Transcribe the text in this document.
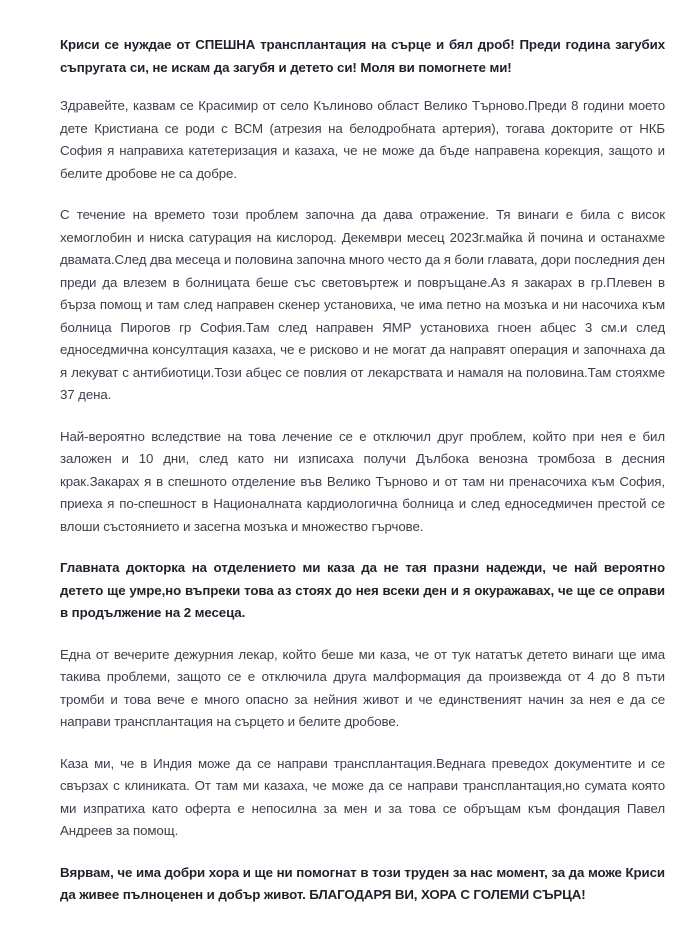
Криси се нуждае от СПЕШНА трансплантация на сърце и бял дроб! Преди година загубих съпругата си, не искам да загубя и детето си! Моля ви помогнете ми!

Здравейте, казвам се Красимир от село Кълиново област Велико Търново.Преди 8 години моето дете Кристиана се роди с ВСМ (атрезия на белодробната артерия), тогава докторите от НКБ София я направиха катетеризация и казаха, че не може да бъде направена корекция, защото и белите дробове не са добре.

С течение на времето този проблем започна да дава отражение. Тя винаги е била с висок хемоглобин и ниска сатурация на кислород. Декември месец 2023г.майка й почина и останахме двамата.След два месеца и половина започна много често да я боли главата, дори последния ден преди да влезем в болницата беше със световъртеж и повръщане.Аз я закарах в гр.Плевен в бърза помощ и там след направен скенер установиха, че има петно на мозъка и ни насочиха към болница Пирогов гр София.Там след направен ЯМР установиха гноен абцес 3 см.и след едноседмична консултация казаха, че е рисково и не могат да направят операция и започнаха да я лекуват с антибиотици.Този абцес се повлия от лекарствата и намаля на половина.Там стояхме 37 дена.

Най-вероятно вследствие на това лечение се е отключил друг проблем, който при нея е бил заложен и 10 дни, след като ни изписаха получи Дълбока венозна тромбоза в десния крак.Закарах я в спешното отделение във Велико Търново и от там ни пренасочиха към София, приеха я по-спешност в Националната кардиологична болница и след едноседмичен престой се влоши състоянието и засегна мозъка и множество гърчове.

Главната докторка на отделението ми каза да не тая празни надежди, че най вероятно детето ще умре,но въпреки това аз стоях до нея всеки ден и я окуражавах, че ще се оправи в продължение на 2 месеца.

Една от вечерите дежурния лекар, който беше ми каза, че от тук нататък детето винаги ще има такива проблеми, защото се е отключила друга малформация да произвежда от 4 до 8 пъти тромби и това вече е много опасно за нейния живот и че единственият начин за нея е да се направи трансплантация на сърцето и белите дробове.

Каза ми, че в Индия може да се направи трансплантация.Веднага преведох документите и се свързах с клиниката. От там ми казаха, че може да се направи трансплантация,но сумата която ми изпратиха като оферта е непосилна за мен и за това се обръщам към фондация Павел Андреев за помощ.

Вярвам, че има добри хора и ще ни помогнат в този труден за нас момент, за да може Криси да живее пълноценен и добър живот. БЛАГОДАРЯ ВИ, ХОРА С ГОЛЕМИ СЪРЦА!
